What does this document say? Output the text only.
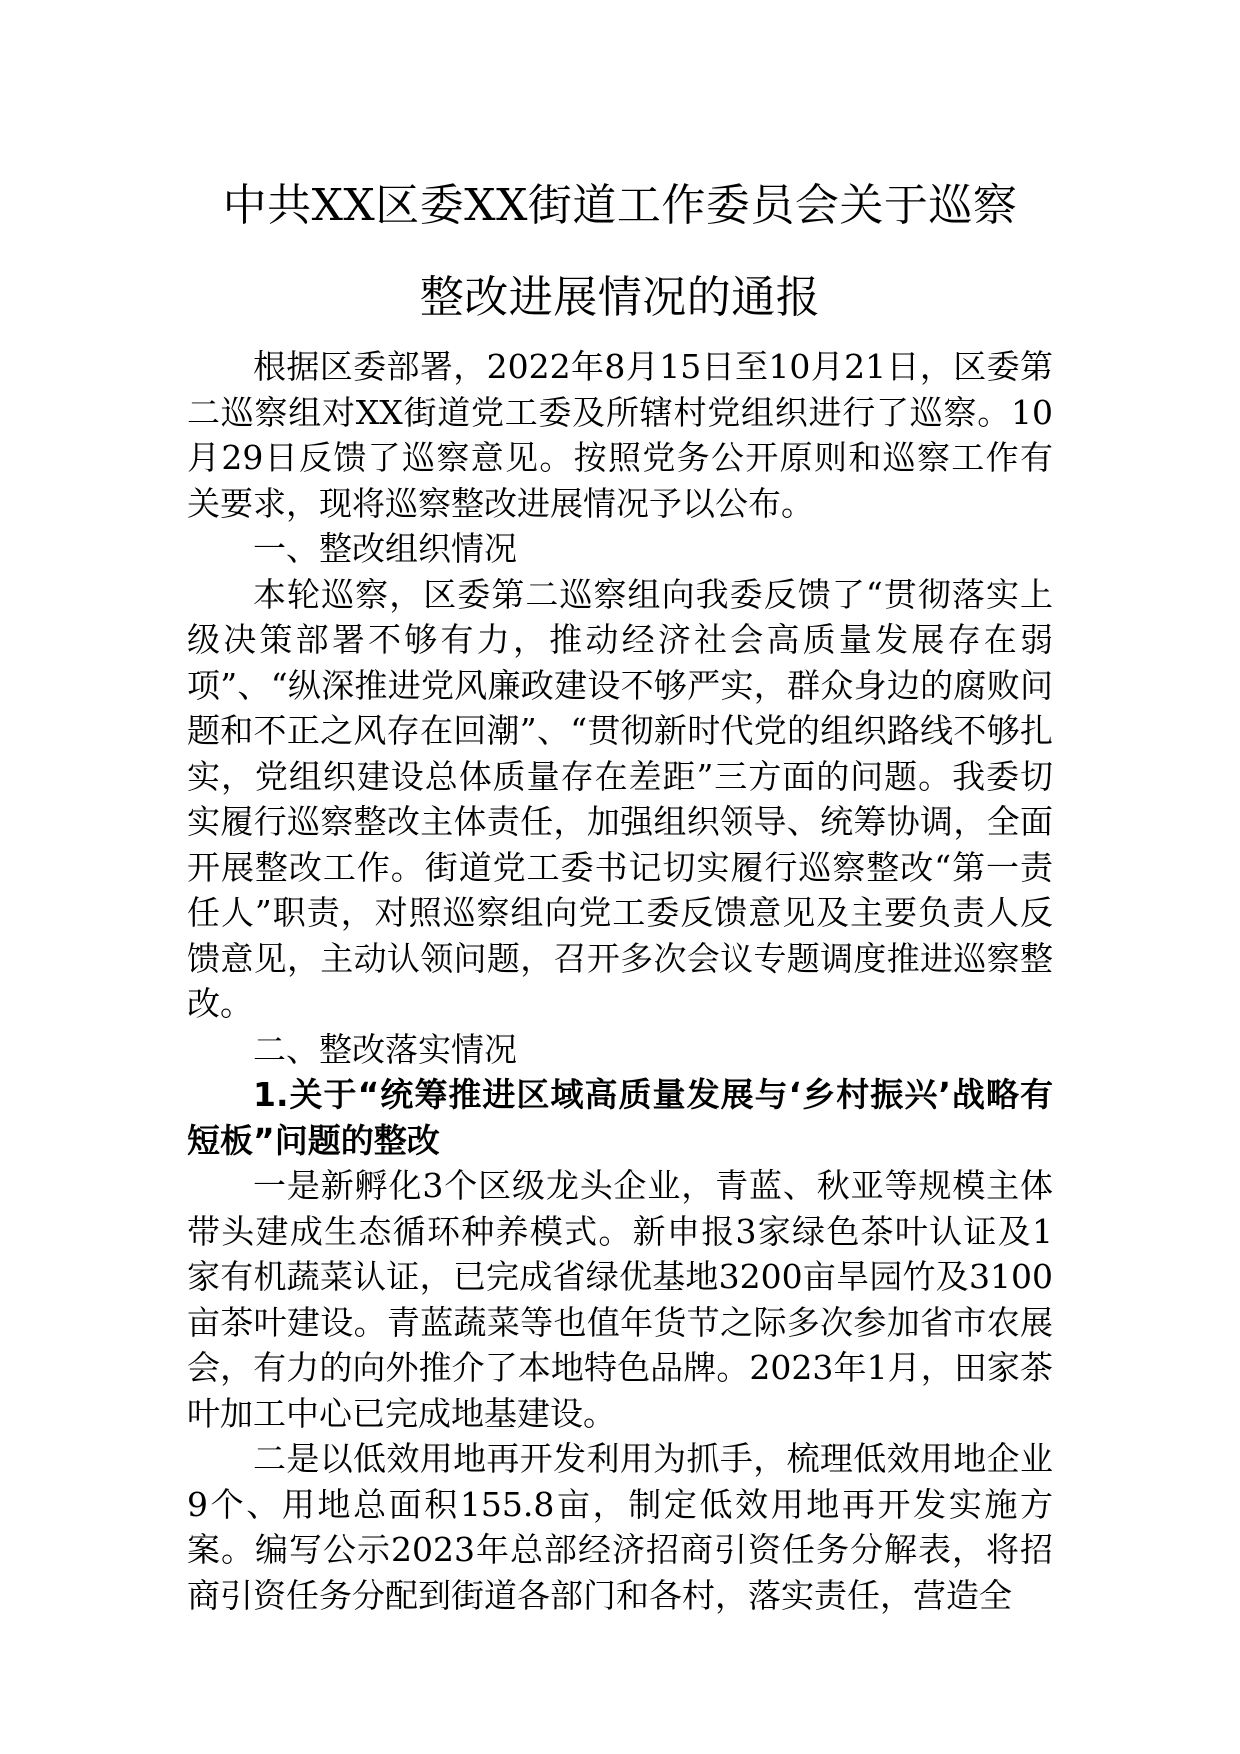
中共XX区委XX街道工作委员会关于巡察
整改进展情况的通报

根据区委部署，2022年8月15日至10月21日，区委第二巡察组对XX街道党工委及所辖村党组织进行了巡察。10月29日反馈了巡察意见。按照党务公开原则和巡察工作有关要求，现将巡察整改进展情况予以公布。

一、整改组织情况

本轮巡察，区委第二巡察组向我委反馈了“贯彻落实上级决策部署不够有力，推动经济社会高质量发展存在弱项”、“纵深推进党风廉政建设不够严实，群众身边的腐败问题和不正之风存在回潮”、“贯彻新时代党的组织路线不够扎实，党组织建设总体质量存在差距”三方面的问题。我委切实履行巡察整改主体责任，加强组织领导、统筹协调，全面开展整改工作。街道党工委书记切实履行巡察整改“第一责任人”职责，对照巡察组向党工委反馈意见及主要负责人反馈意见，主动认领问题，召开多次会议专题调度推进巡察整改。

二、整改落实情况

1.关于“统筹推进区域高质量发展与‘乡村振兴’战略有短板”问题的整改

一是新孵化3个区级龙头企业，青蓝、秋亚等规模主体带头建成生态循环种养模式。新申报3家绿色茶叶认证及1家有机蔬菜认证，已完成省绿优基地3200亩旱园竹及3100亩茶叶建设。青蓝蔬菜等也值年货节之际多次参加省市农展会，有力的向外推介了本地特色品牌。2023年1月，田家茶叶加工中心已完成地基建设。

二是以低效用地再开发利用为抓手，梳理低效用地企业9个、用地总面积155.8亩，制定低效用地再开发实施方案。编写公示2023年总部经济招商引资任务分解表，将招商引资任务分配到街道各部门和各村，落实责任，营造全
